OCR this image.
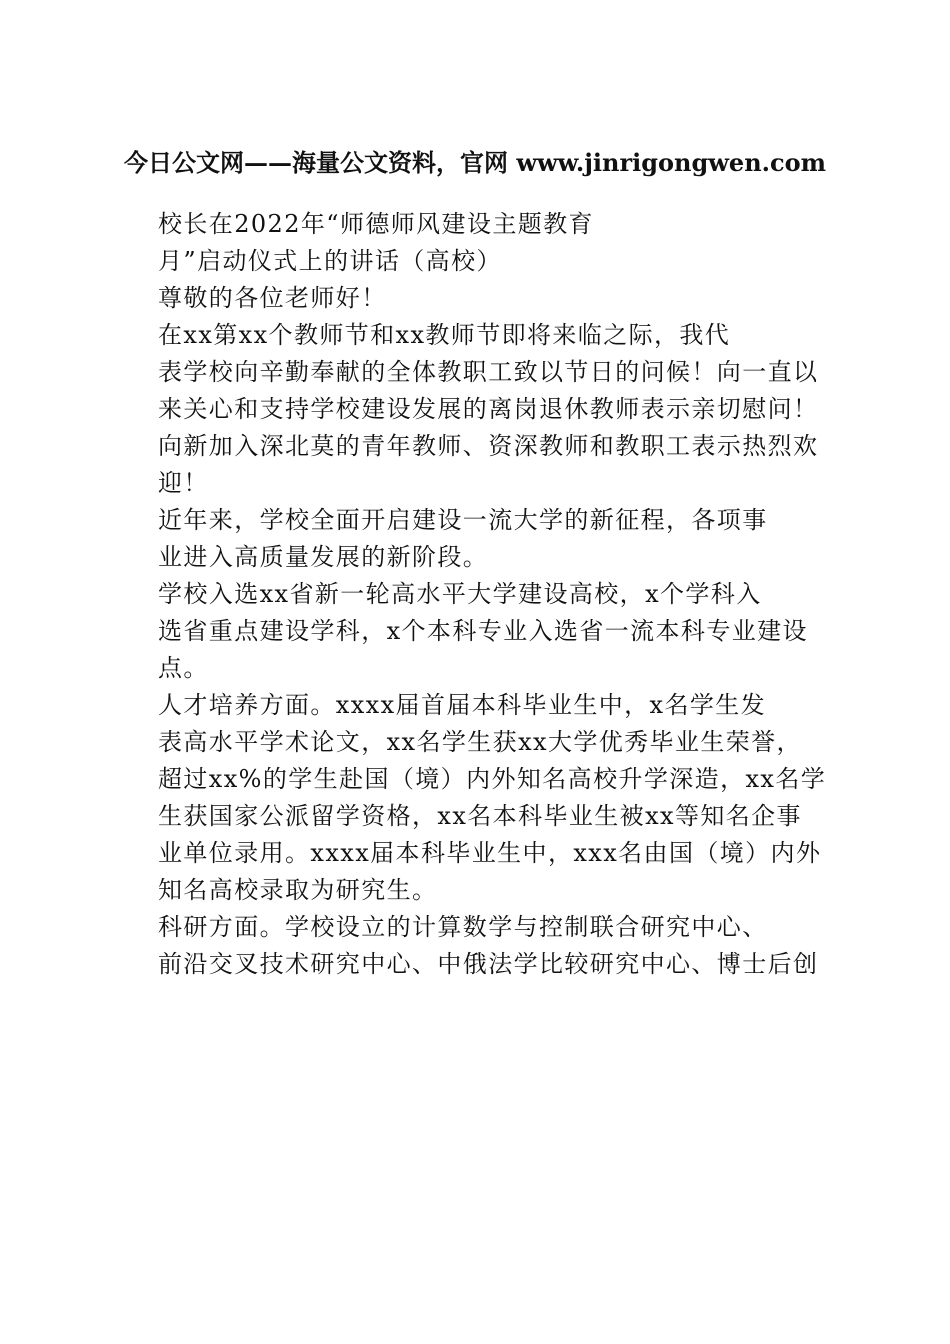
今日公文网——海量公文资料，官网 www.jinrigongwen.com
校长在2022年“师德师风建设主题教育
月”启动仪式上的讲话（高校）
尊敬的各位老师好！
在xx第xx个教师节和xx教师节即将来临之际，我代
表学校向辛勤奉献的全体教职工致以节日的问候！向一直以
来关心和支持学校建设发展的离岗退休教师表示亲切慰问！
向新加入深北莫的青年教师、资深教师和教职工表示热烈欢
迎！
近年来，学校全面开启建设一流大学的新征程，各项事
业进入高质量发展的新阶段。
学校入选xx省新一轮高水平大学建设高校，x个学科入
选省重点建设学科，x个本科专业入选省一流本科专业建设
点。
人才培养方面。xxxx届首届本科毕业生中，x名学生发
表高水平学术论文，xx名学生获xx大学优秀毕业生荣誉，
超过xx%的学生赴国（境）内外知名高校升学深造，xx名学
生获国家公派留学资格，xx名本科毕业生被xx等知名企事
业单位录用。xxxx届本科毕业生中，xxx名由国（境）内外
知名高校录取为研究生。
科研方面。学校设立的计算数学与控制联合研究中心、
前沿交叉技术研究中心、中俄法学比较研究中心、博士后创
